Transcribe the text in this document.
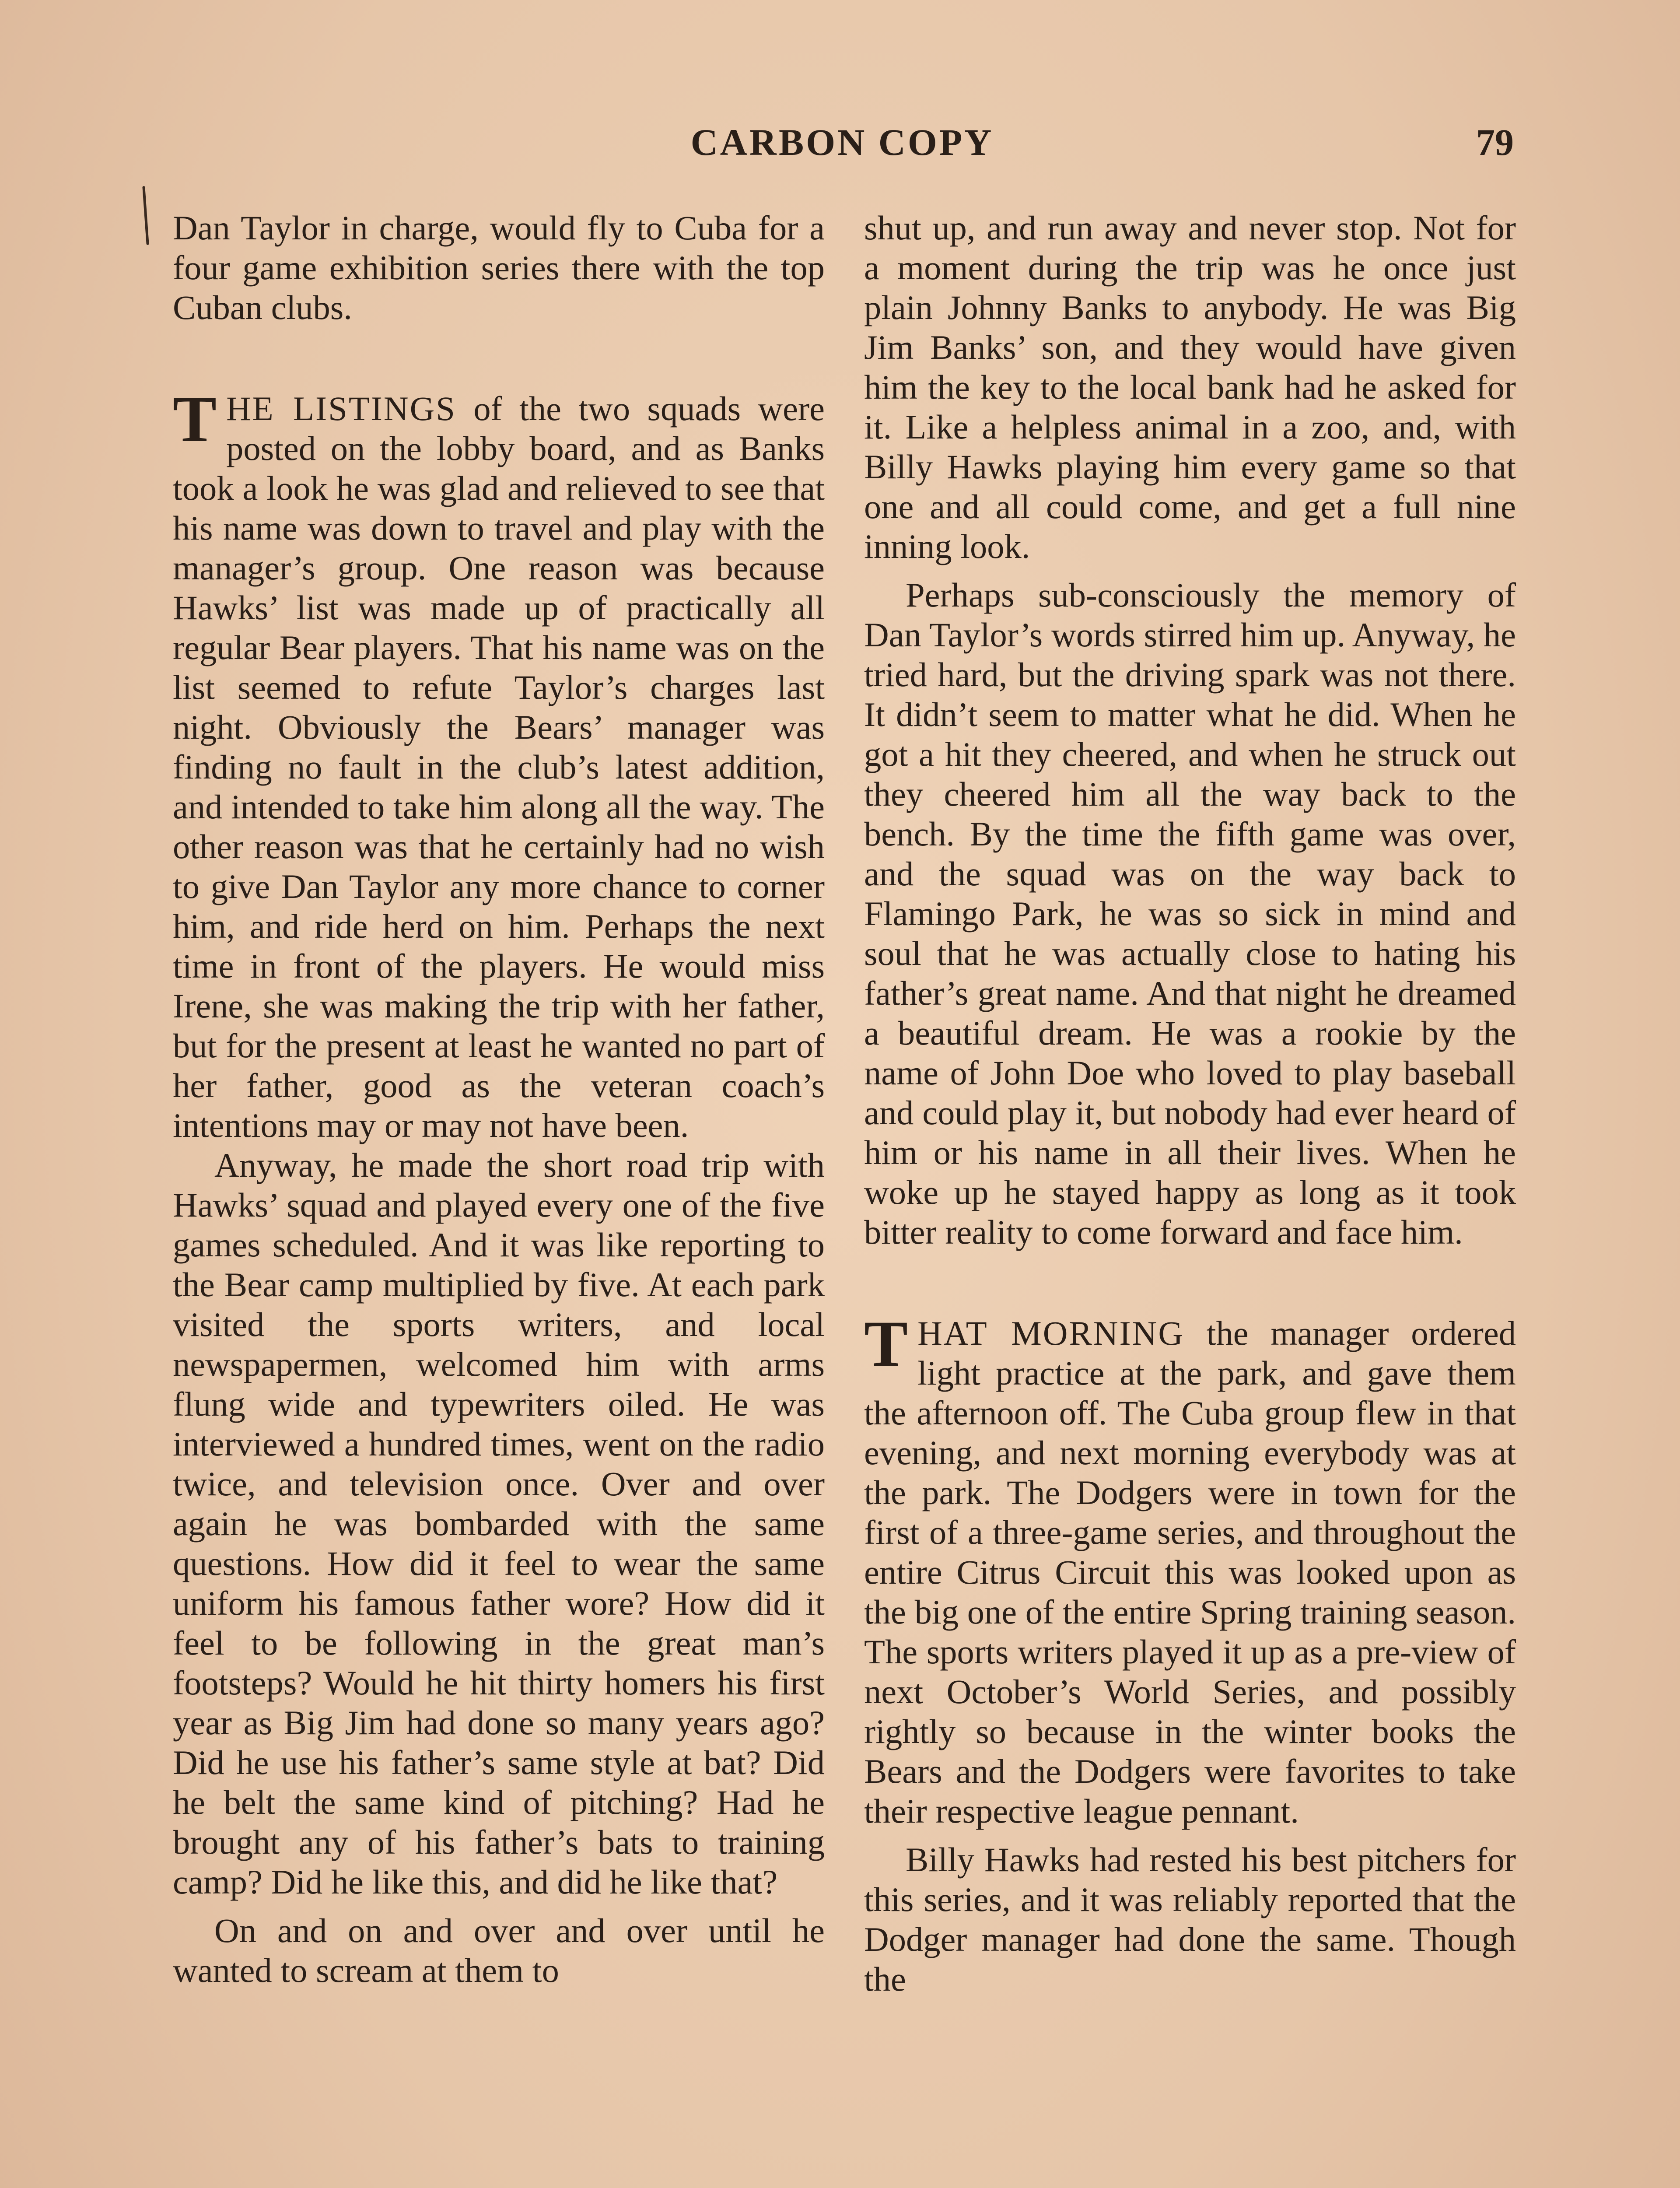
CARBON COPY	79

Dan Taylor in charge, would fly to Cuba for a four game exhibition series there with the top Cuban clubs.

THE LISTINGS of the two squads were posted on the lobby board, and as Banks took a look he was glad and relieved to see that his name was down to travel and play with the manager’s group. One reason was because Hawks’ list was made up of practically all regular Bear players. That his name was on the list seemed to refute Taylor’s charges last night. Obviously the Bears’ manager was finding no fault in the club’s latest addition, and intended to take him along all the way. The other reason was that he certainly had no wish to give Dan Taylor any more chance to corner him, and ride herd on him. Perhaps the next time in front of the players. He would miss Irene, she was making the trip with her father, but for the present at least he wanted no part of her father, good as the veteran coach’s intentions may or may not have been.

Anyway, he made the short road trip with Hawks’ squad and played every one of the five games scheduled. And it was like reporting to the Bear camp multiplied by five. At each park visited the sports writers, and local newspapermen, welcomed him with arms flung wide and typewriters oiled. He was interviewed a hundred times, went on the radio twice, and television once. Over and over again he was bombarded with the same questions. How did it feel to wear the same uniform his famous father wore? How did it feel to be following in the great man’s footsteps? Would he hit thirty homers his first year as Big Jim had done so many years ago? Did he use his father’s same style at bat? Did he belt the same kind of pitching? Had he brought any of his father’s bats to training camp? Did he like this, and did he like that?

On and on and over and over until he wanted to scream at them to

shut up, and run away and never stop. Not for a moment during the trip was he once just plain Johnny Banks to anybody. He was Big Jim Banks’ son, and they would have given him the key to the local bank had he asked for it. Like a helpless animal in a zoo, and, with Billy Hawks playing him every game so that one and all could come, and get a full nine inning look.

Perhaps sub-consciously the memory of Dan Taylor’s words stirred him up. Anyway, he tried hard, but the driving spark was not there. It didn’t seem to matter what he did. When he got a hit they cheered, and when he struck out they cheered him all the way back to the bench. By the time the fifth game was over, and the squad was on the way back to Flamingo Park, he was so sick in mind and soul that he was actually close to hating his father’s great name. And that night he dreamed a beautiful dream. He was a rookie by the name of John Doe who loved to play baseball and could play it, but nobody had ever heard of him or his name in all their lives. When he woke up he stayed happy as long as it took bitter reality to come forward and face him.

THAT MORNING the manager ordered light practice at the park, and gave them the afternoon off. The Cuba group flew in that evening, and next morning everybody was at the park. The Dodgers were in town for the first of a three-game series, and throughout the entire Citrus Circuit this was looked upon as the big one of the entire Spring training season. The sports writers played it up as a pre-view of next October’s World Series, and possibly rightly so because in the winter books the Bears and the Dodgers were favorites to take their respective league pennant.

Billy Hawks had rested his best pitchers for this series, and it was reliably reported that the Dodger manager had done the same. Though the
